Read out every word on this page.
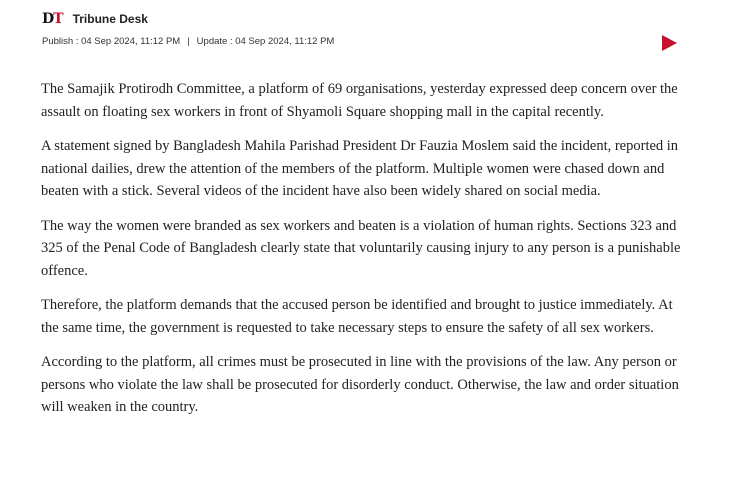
D T Tribune Desk
Publish : 04 Sep 2024, 11:12 PM | Update : 04 Sep 2024, 11:12 PM

The Samajik Protirodh Committee, a platform of 69 organisations, yesterday expressed deep concern over the assault on floating sex workers in front of Shyamoli Square shopping mall in the capital recently.

A statement signed by Bangladesh Mahila Parishad President Dr Fauzia Moslem said the incident, reported in national dailies, drew the attention of the members of the platform. Multiple women were chased down and beaten with a stick. Several videos of the incident have also been widely shared on social media.

The way the women were branded as sex workers and beaten is a violation of human rights. Sections 323 and 325 of the Penal Code of Bangladesh clearly state that voluntarily causing injury to any person is a punishable offence.

Therefore, the platform demands that the accused person be identified and brought to justice immediately. At the same time, the government is requested to take necessary steps to ensure the safety of all sex workers.

According to the platform, all crimes must be prosecuted in line with the provisions of the law. Any person or persons who violate the law shall be prosecuted for disorderly conduct. Otherwise, the law and order situation will weaken in the country.
